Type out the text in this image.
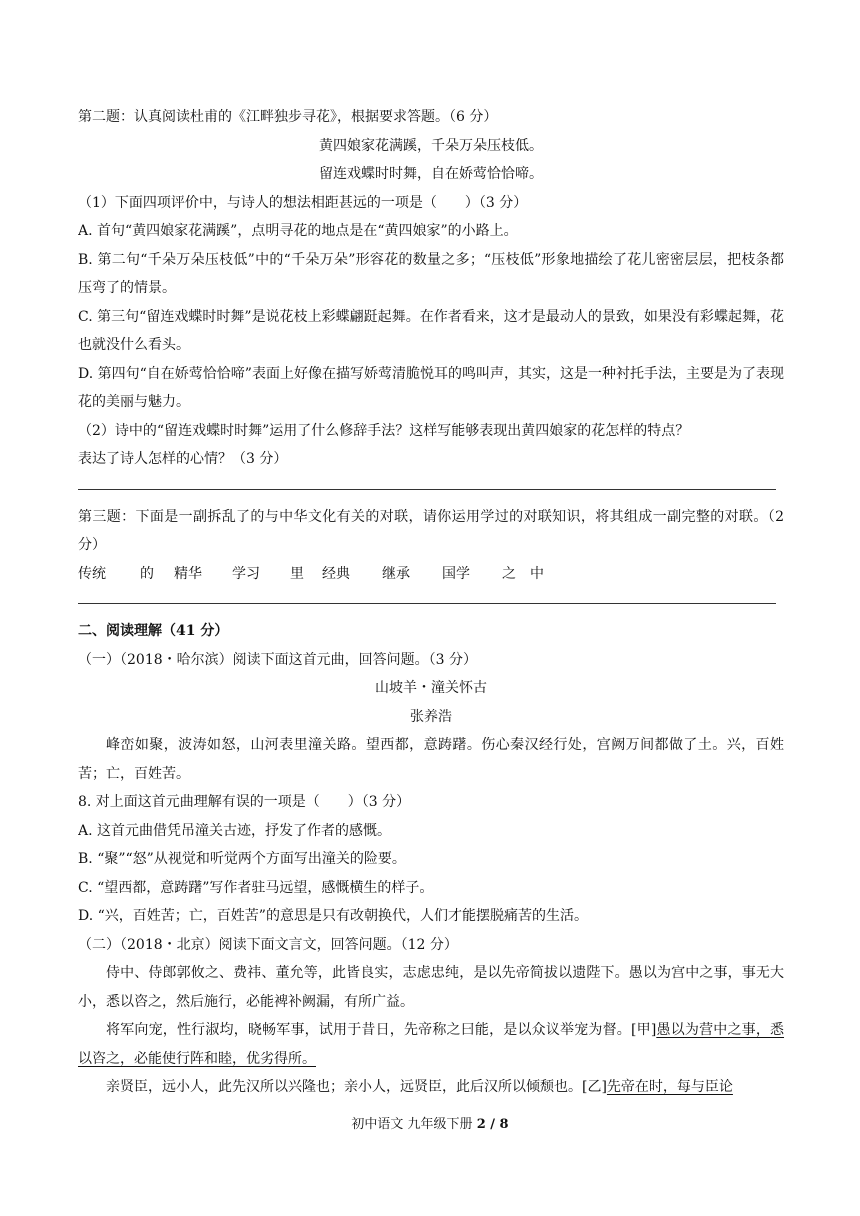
第二题：认真阅读杜甫的《江畔独步寻花》，根据要求答题。（6 分）
黄四娘家花满蹊，千朵万朵压枝低。
留连戏蝶时时舞，自在娇莺恰恰啼。
（1）下面四项评价中，与诗人的想法相距甚远的一项是（　　）（3 分）
A. 首句“黄四娘家花满蹊”，点明寻花的地点是在“黄四娘家”的小路上。
B. 第二句“千朵万朵压枝低”中的“千朵万朵”形容花的数量之多；“压枝低”形象地描绘了花儿密密层层，把枝条都压弯了的情景。
C. 第三句“留连戏蝶时时舞”是说花枝上彩蝶翩跹起舞。在作者看来，这才是最动人的景致，如果没有彩蝶起舞，花也就没什么看头。
D. 第四句“自在娇莺恰恰啼”表面上好像在描写娇莺清脆悦耳的鸣叫声，其实，这是一种衬托手法，主要是为了表现花的美丽与魅力。
（2）诗中的“留连戏蝶时时舞”运用了什么修辞手法？这样写能够表现出黄四娘家的花怎样的特点？
表达了诗人怎样的心情？（3 分）
第三题：下面是一副拆乱了的与中华文化有关的对联，请你运用学过的对联知识，将其组成一副完整的对联。（2 分）
传统	的	精华	学习	里	经典	继承	国学	之	中
二、阅读理解（41 分）
（一）（2018・哈尔滨）阅读下面这首元曲，回答问题。（3 分）
山坡羊・潼关怀古
张养浩
峰峦如聚，波涛如怒，山河表里潼关路。望西都，意踌躇。伤心秦汉经行处，宫阙万间都做了土。兴，百姓苦；亡，百姓苦。
8. 对上面这首元曲理解有误的一项是（　　）（3 分）
A. 这首元曲借凭吊潼关古迹，抒发了作者的感慨。
B. “聚”“怒”从视觉和听觉两个方面写出潼关的险要。
C. “望西都，意踌躇”写作者驻马远望，感慨横生的样子。
D. “兴，百姓苦；亡，百姓苦”的意思是只有改朝换代，人们才能摆脱痛苦的生活。
（二）（2018・北京）阅读下面文言文，回答问题。（12 分）
侍中、侍郎郭攸之、费祎、董允等，此皆良实，志虑忠纯，是以先帝简拔以遗陛下。愚以为宫中之事，事无大小，悉以咨之，然后施行，必能裨补阙漏，有所广益。
将军向宠，性行淑均，晓畅军事，试用于昔日，先帝称之曰能，是以众议举宠为督。[甲]愚以为营中之事，悉以咨之，必能使行阵和睦，优劣得所。
亲贤臣，远小人，此先汉所以兴隆也；亲小人，远贤臣，此后汉所以倾颓也。[乙]先帝在时，每与臣论
初中语文 九年级下册 2 / 8
